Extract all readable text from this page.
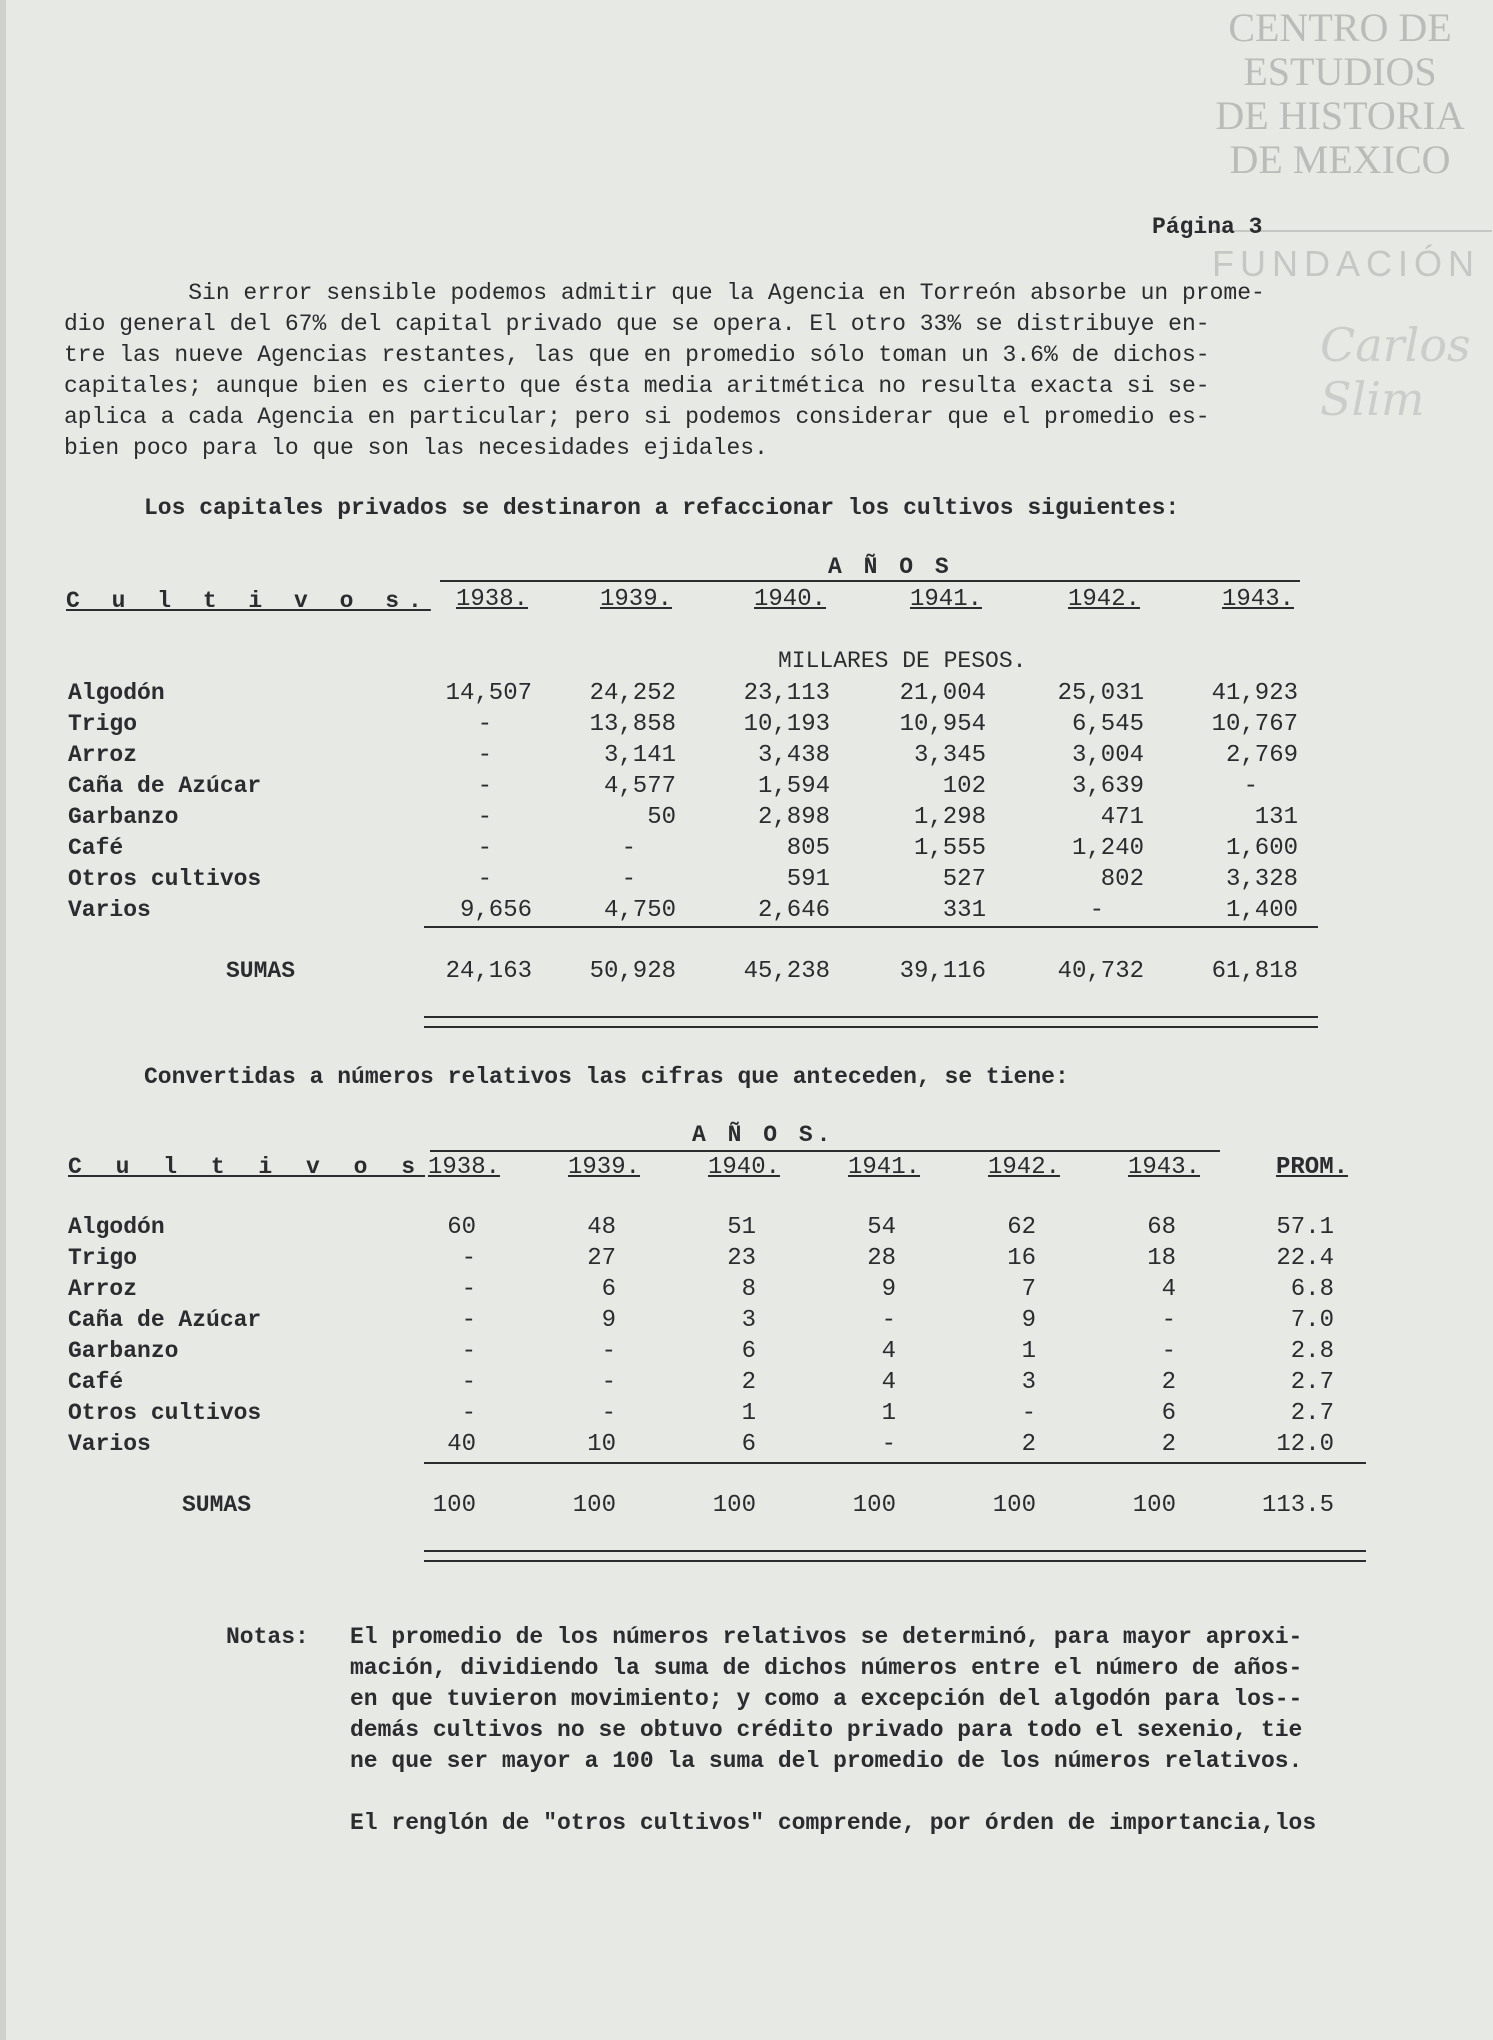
CENTRO DE
ESTUDIOS
DE HISTORIA
DE MEXICO
FUNDACIÓN
Carlos Slim
Página 3
Sin error sensible podemos admitir que la Agencia en Torreón absorbe un prome-
dio general del 67% del capital privado que se opera. El otro 33% se distribuye en-
tre las nueve Agencias restantes, las que en promedio sólo toman un 3.6% de dichos-
capitales; aunque bien es cierto que ésta media aritmética no resulta exacta si se-
aplica a cada Agencia en particular; pero si podemos considerar que el promedio es-
bien poco para lo que son las necesidades ejidales.
Los capitales privados se destinaron a refaccionar los cultivos siguientes:
A Ñ O S
C u l t i v o s.	1938.	1939.	1940.	1941.	1942.	1943.
MILLARES DE PESOS.
Algodón	14,507	24,252	23,113	21,004	25,031	41,923
Trigo	-	13,858	10,193	10,954	6,545	10,767
Arroz	-	3,141	3,438	3,345	3,004	2,769
Caña de Azúcar	-	4,577	1,594	102	3,639	-
Garbanzo	-	50	2,898	1,298	471	131
Café	-	-	805	1,555	1,240	1,600
Otros cultivos	-	-	591	527	802	3,328
Varios	9,656	4,750	2,646	331	-	1,400
SUMAS	24,163	50,928	45,238	39,116	40,732	61,818
Convertidas a números relativos las cifras que anteceden, se tiene:
A Ñ O S.
C u l t i v o s 1938.	1939.	1940.	1941.	1942.	1943.	PROM.
Algodón	60	48	51	54	62	68	57.1
Trigo	-	27	23	28	16	18	22.4
Arroz	-	6	8	9	7	4	6.8
Caña de Azúcar	-	9	3	-	9	-	7.0
Garbanzo	-	-	6	4	1	-	2.8
Café	-	-	2	4	3	2	2.7
Otros cultivos	-	-	1	1	-	6	2.7
Varios	40	10	6	-	2	2	12.0
SUMAS	100	100	100	100	100	100	113.5
Notas: El promedio de los números relativos se determinó, para mayor aproxi-
mación, dividiendo la suma de dichos números entre el número de años-
en que tuvieron movimiento; y como a excepción del algodón para los--
demás cultivos no se obtuvo crédito privado para todo el sexenio, tie
ne que ser mayor a 100 la suma del promedio de los números relativos.
El renglón de "otros cultivos" comprende, por órden de importancia,los
